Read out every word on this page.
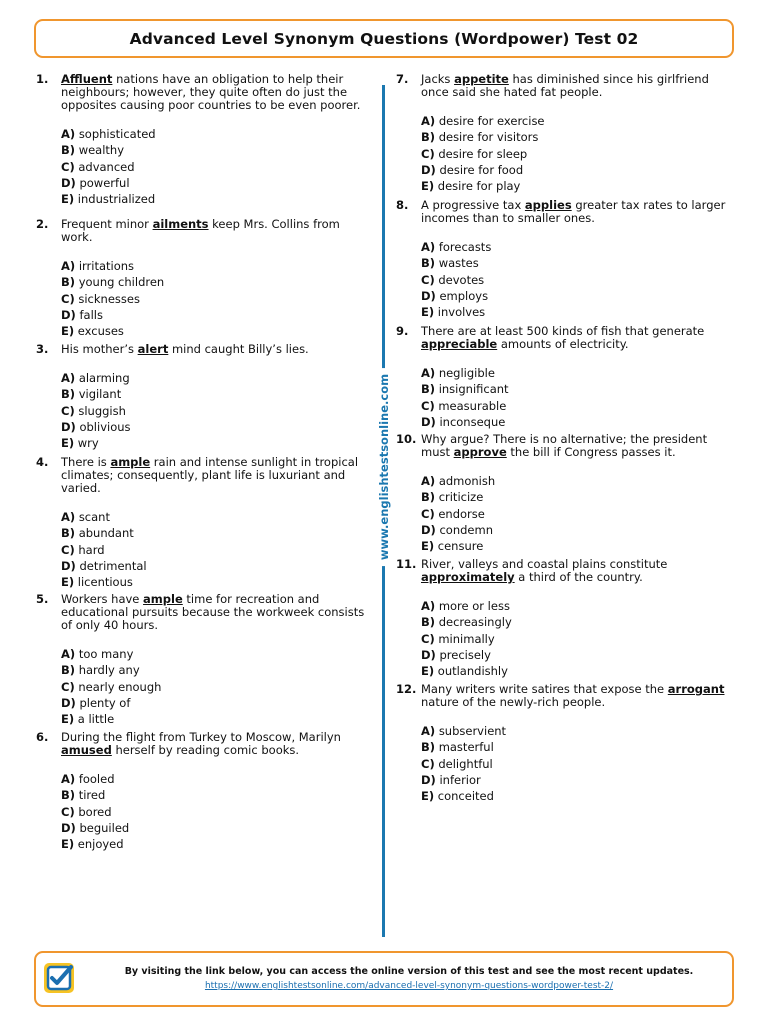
Advanced Level Synonym Questions (Wordpower) Test 02
www.englishtestsonline.com
1. Affluent nations have an obligation to help their neighbours; however, they quite often do just the opposites causing poor countries to be even poorer.
A) sophisticated
B) wealthy
C) advanced
D) powerful
E) industrialized
2. Frequent minor ailments keep Mrs. Collins from work.
A) irritations
B) young children
C) sicknesses
D) falls
E) excuses
3. His mother’s alert mind caught Billy’s lies.
A) alarming
B) vigilant
C) sluggish
D) oblivious
E) wry
4. There is ample rain and intense sunlight in tropical climates; consequently, plant life is luxuriant and varied.
A) scant
B) abundant
C) hard
D) detrimental
E) licentious
5. Workers have ample time for recreation and educational pursuits because the workweek consists of only 40 hours.
A) too many
B) hardly any
C) nearly enough
D) plenty of
E) a little
6. During the flight from Turkey to Moscow, Marilyn amused herself by reading comic books.
A) fooled
B) tired
C) bored
D) beguiled
E) enjoyed
7. Jacks appetite has diminished since his girlfriend once said she hated fat people.
A) desire for exercise
B) desire for visitors
C) desire for sleep
D) desire for food
E) desire for play
8. A progressive tax applies greater tax rates to larger incomes than to smaller ones.
A) forecasts
B) wastes
C) devotes
D) employs
E) involves
9. There are at least 500 kinds of fish that generate appreciable amounts of electricity.
A) negligible
B) insignificant
C) measurable
D) inconseque
10. Why argue? There is no alternative; the president must approve the bill if Congress passes it.
A) admonish
B) criticize
C) endorse
D) condemn
E) censure
11. River, valleys and coastal plains constitute approximately a third of the country.
A) more or less
B) decreasingly
C) minimally
D) precisely
E) outlandishly
12. Many writers write satires that expose the arrogant nature of the newly-rich people.
A) subservient
B) masterful
C) delightful
D) inferior
E) conceited
By visiting the link below, you can access the online version of this test and see the most recent updates.
https://www.englishtestsonline.com/advanced-level-synonym-questions-wordpower-test-2/
